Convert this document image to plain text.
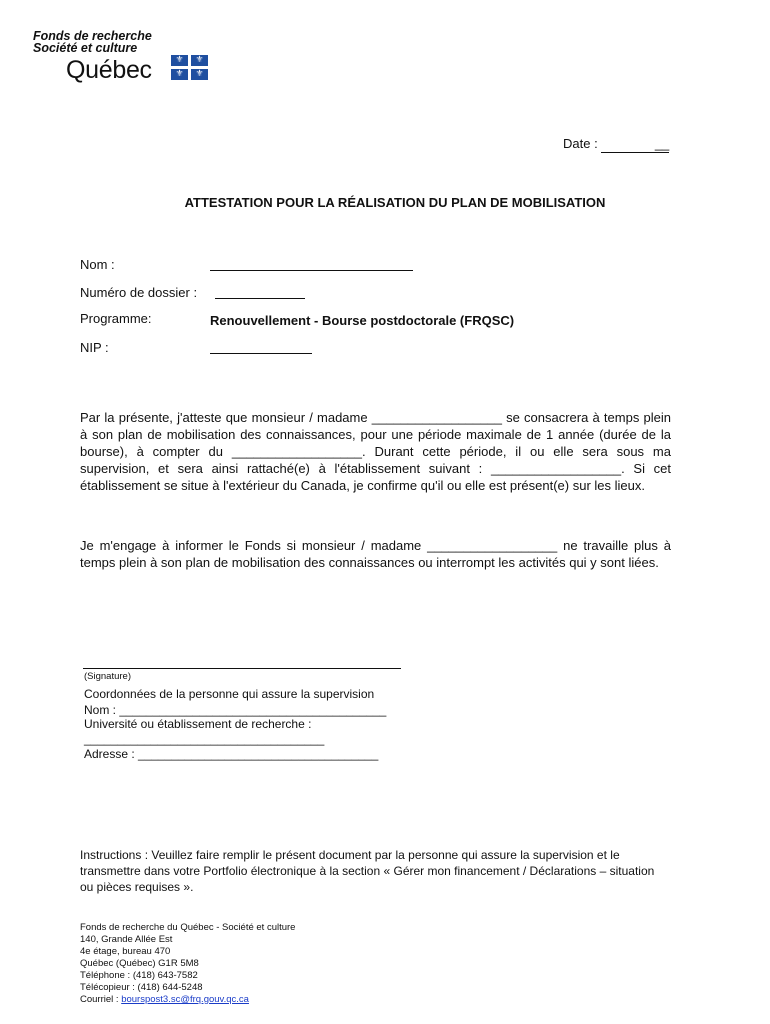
Fonds de recherche
Société et culture
Québec	⚜	⚜
⚜	⚜
Date :	__
ATTESTATION POUR LA RÉALISATION DU PLAN DE MOBILISATION
Nom :
Numéro de dossier :
Programme:	Renouvellement - Bourse postdoctorale (FRQSC)
NIP :
Par la présente, j'atteste que monsieur / madame __________________ se consacrera à temps plein à son plan de mobilisation des connaissances, pour une période maximale de 1 année (durée de la bourse), à compter du __________________. Durant cette période, il ou elle sera sous ma supervision, et sera ainsi rattaché(e) à l'établissement suivant : __________________. Si cet établissement se situe à l'extérieur du Canada, je confirme qu'il ou elle est présent(e) sur les lieux.
Je m'engage à informer le Fonds si monsieur / madame __________________ ne travaille plus à temps plein à son plan de mobilisation des connaissances ou interrompt les activités qui y sont liées.
(Signature)
Coordonnées de la personne qui assure la supervision
Nom : ________________________________________
Université ou établissement de recherche :
____________________________________
Adresse : ____________________________________
Instructions : Veuillez faire remplir le présent document par la personne qui assure la supervision et le transmettre dans votre Portfolio électronique à la section « Gérer mon financement / Déclarations – situation ou pièces requises ».
Fonds de recherche du Québec - Société et culture
140, Grande Allée Est
4e étage, bureau 470
Québec (Québec) G1R 5M8
Téléphone : (418) 643-7582
Télécopieur : (418) 644-5248
Courriel : bourspost3.sc@frq.gouv.qc.ca
